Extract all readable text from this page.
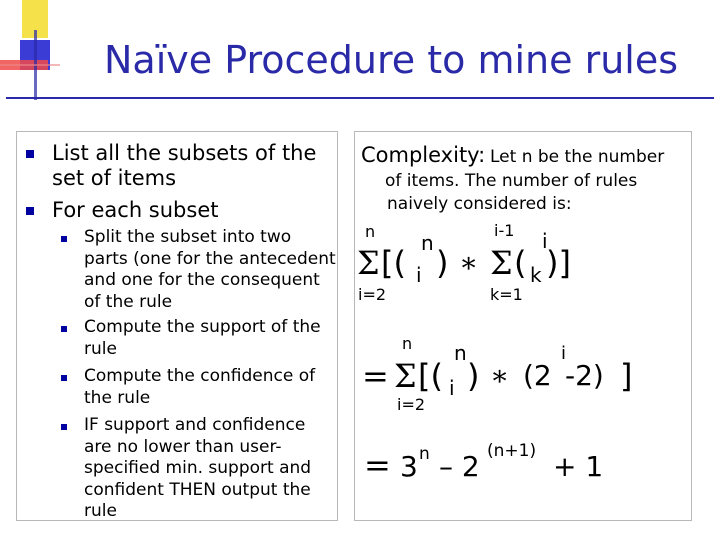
Naïve Procedure to mine rules
List all the subsets of the set of items
For each subset
Split the subset into two parts (one for the antecedent and one for the consequent of the rule
Compute the support of the rule
Compute the confidence of the rule
IF support and confidence are no lower than user-specified min. support and confident THEN output the rule
Complexity: Let n be the number
of items. The number of rules
naively considered is:
n
Σ
i=2
[(
n
i ) ∗
i-1
Σ
k=1
(
i
k )]
n
= Σ
i=2
[(
n
i ) ∗ (2
i
-2) ]
= 3 n – 2 (n+1) + 1
